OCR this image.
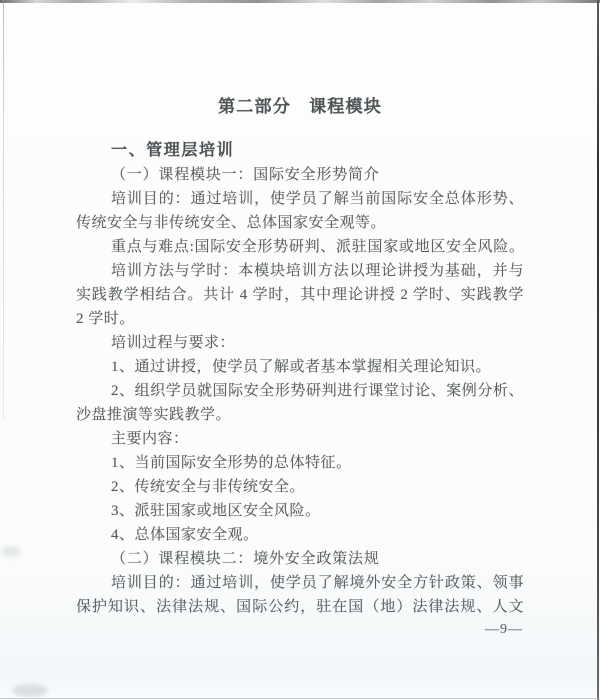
第二部分　课程模块
一、管理层培训
（一）课程模块一：国际安全形势简介
培训目的：通过培训，使学员了解当前国际安全总体形势、
传统安全与非传统安全、总体国家安全观等。
重点与难点:国际安全形势研判、派驻国家或地区安全风险。
培训方法与学时：本模块培训方法以理论讲授为基础，并与
实践教学相结合。共计 4 学时，其中理论讲授 2 学时、实践教学
2 学时。
培训过程与要求：
1、通过讲授，使学员了解或者基本掌握相关理论知识。
2、组织学员就国际安全形势研判进行课堂讨论、案例分析、
沙盘推演等实践教学。
主要内容：
1、当前国际安全形势的总体特征。
2、传统安全与非传统安全。
3、派驻国家或地区安全风险。
4、总体国家安全观。
（二）课程模块二：境外安全政策法规
培训目的：通过培训，使学员了解境外安全方针政策、领事
保护知识、法律法规、国际公约，驻在国（地）法律法规、人文
—9—
